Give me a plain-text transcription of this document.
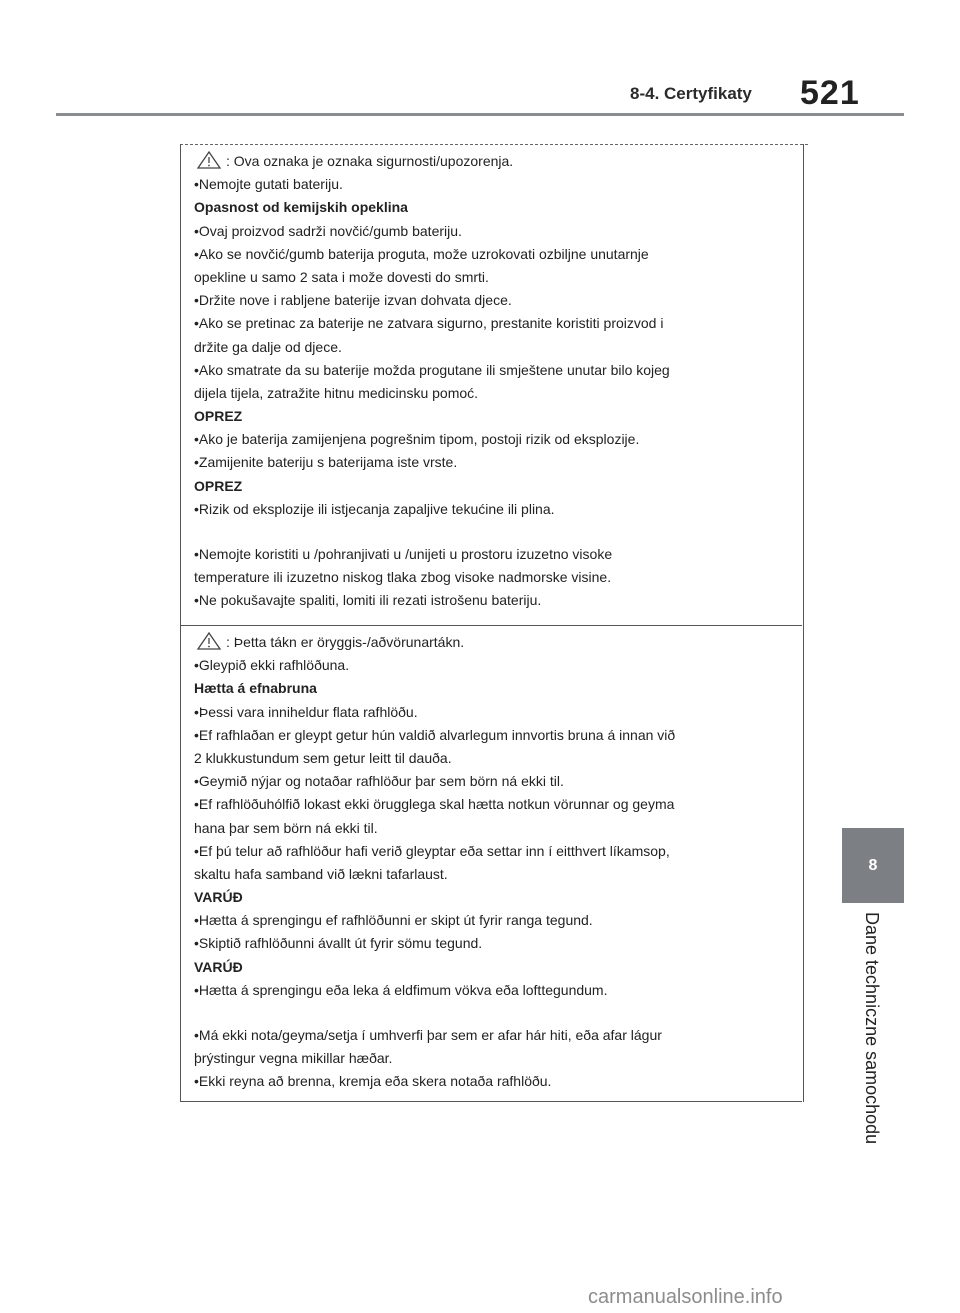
8-4. Certyfikaty 521
8
Dane techniczne samochodu
: Ova oznaka je oznaka sigurnosti/upozorenja.
•Nemojte gutati bateriju.
Opasnost od kemijskih opeklina
•Ovaj proizvod sadrži novčić/gumb bateriju.
•Ako se novčić/gumb baterija proguta, može uzrokovati ozbiljne unutarnje
opekline u samo 2 sata i može dovesti do smrti.
•Držite nove i rabljene baterije izvan dohvata djece.
•Ako se pretinac za baterije ne zatvara sigurno, prestanite koristiti proizvod i
držite ga dalje od djece.
•Ako smatrate da su baterije možda progutane ili smještene unutar bilo kojeg
dijela tijela, zatražite hitnu medicinsku pomoć.
OPREZ
•Ako je baterija zamijenjena pogrešnim tipom, postoji rizik od eksplozije.
•Zamijenite bateriju s baterijama iste vrste.
OPREZ
•Rizik od eksplozije ili istjecanja zapaljive tekućine ili plina.
•Nemojte koristiti u /pohranjivati u /unijeti u prostoru izuzetno visoke
temperature ili izuzetno niskog tlaka zbog visoke nadmorske visine.
•Ne pokušavajte spaliti, lomiti ili rezati istrošenu bateriju.
: Þetta tákn er öryggis-/aðvörunartákn.
•Gleypið ekki rafhlöðuna.
Hætta á efnabruna
•Þessi vara inniheldur flata rafhlöðu.
•Ef rafhlaðan er gleypt getur hún valdið alvarlegum innvortis bruna á innan við
2 klukkustundum sem getur leitt til dauða.
•Geymið nýjar og notaðar rafhlöður þar sem börn ná ekki til.
•Ef rafhlöðuhólfið lokast ekki örugglega skal hætta notkun vörunnar og geyma
hana þar sem börn ná ekki til.
•Ef þú telur að rafhlöður hafi verið gleyptar eða settar inn í eitthvert líkamsop,
skaltu hafa samband við lækni tafarlaust.
VARÚÐ
•Hætta á sprengingu ef rafhlöðunni er skipt út fyrir ranga tegund.
•Skiptið rafhlöðunni ávallt út fyrir sömu tegund.
VARÚÐ
•Hætta á sprengingu eða leka á eldfimum vökva eða lofttegundum.
•Má ekki nota/geyma/setja í umhverfi þar sem er afar hár hiti, eða afar lágur
þrýstingur vegna mikillar hæðar.
•Ekki reyna að brenna, kremja eða skera notaða rafhlöðu.
carmanualsonline.info
